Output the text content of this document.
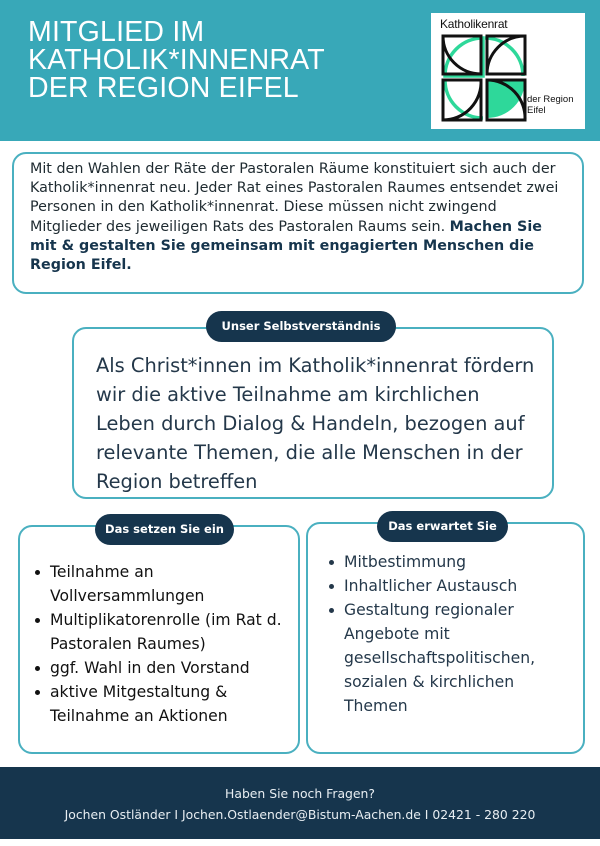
MITGLIED IM
KATHOLIK*INNENRAT
DER REGION EIFEL
Katholikenrat
der Region
Eifel

Mit den Wahlen der Räte der Pastoralen Räume konstituiert sich auch der Katholik*innenrat neu. Jeder Rat eines Pastoralen Raumes entsendet zwei Personen in den Katholik*innenrat. Diese müssen nicht zwingend Mitglieder des jeweiligen Rats des Pastoralen Raums sein. Machen Sie mit & gestalten Sie gemeinsam mit engagierten Menschen die Region Eifel.

Als Christ*innen im Katholik*innenrat fördern wir die aktive Teilnahme am kirchlichen Leben durch Dialog & Handeln, bezogen auf relevante Themen, die alle Menschen in der Region betreffen

Unser Selbstverständnis
Teilnahme an Vollversammlungen
Multiplikatorenrolle (im Rat d. Pastoralen Raumes)
ggf. Wahl in den Vorstand
aktive Mitgestaltung & Teilnahme an Aktionen
Das setzen Sie ein
Mitbestimmung
Inhaltlicher Austausch
Gestaltung regionaler Angebote mit gesellschaftspolitischen, sozialen & kirchlichen Themen
Das erwartet Sie
Haben Sie noch Fragen?
Jochen Ostländer I Jochen.Ostlaender@Bistum-Aachen.de I 02421 - 280 220
